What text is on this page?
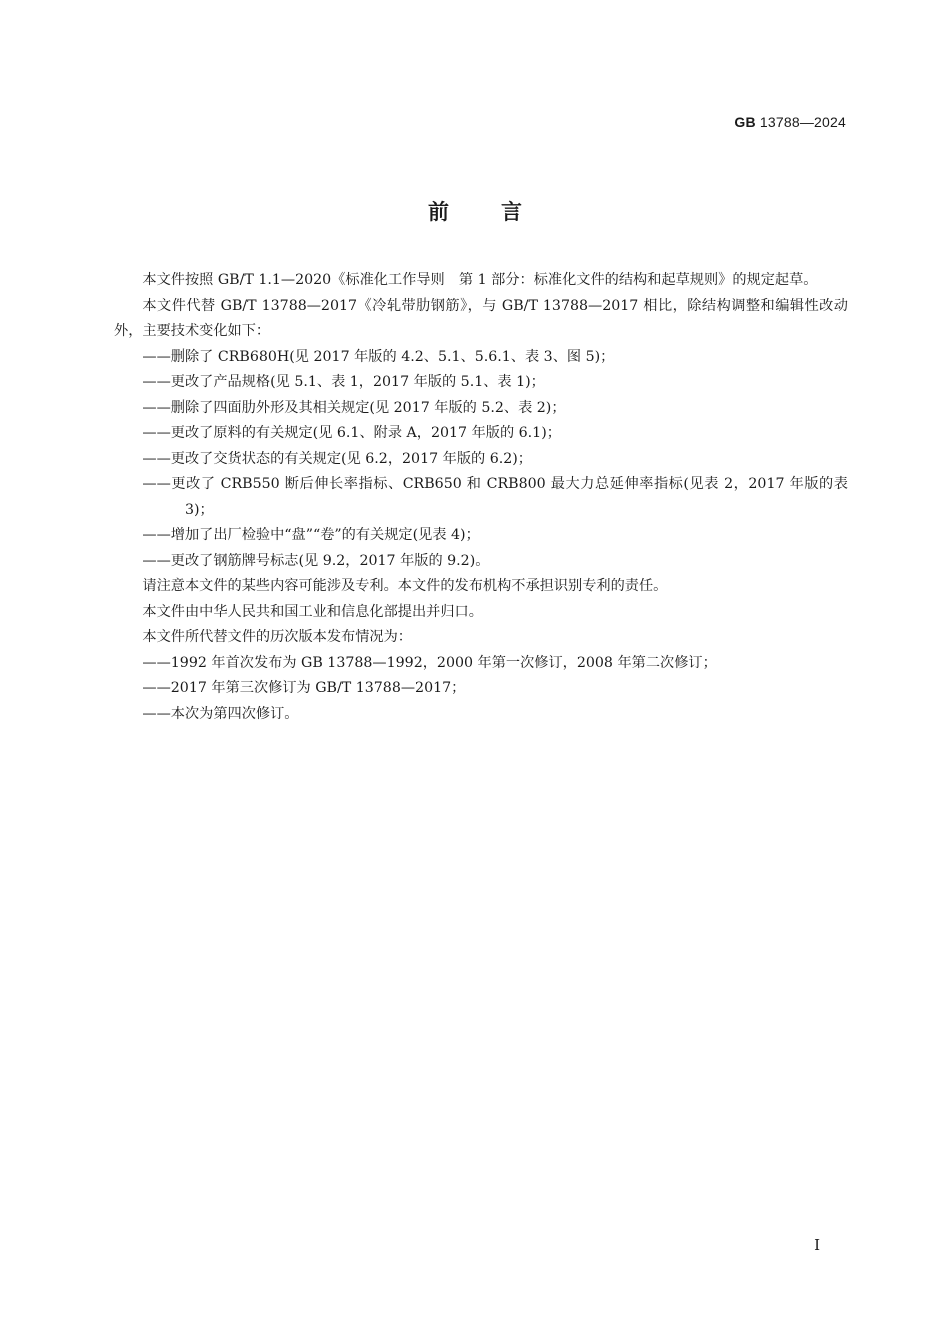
GB 13788—2024
前言

本文件按照 GB/T 1.1—2020《标准化工作导则　第 1 部分：标准化文件的结构和起草规则》的规定起草。

本文件代替 GB/T 13788—2017《冷轧带肋钢筋》，与 GB/T 13788—2017 相比，除结构调整和编辑性改动外，主要技术变化如下：

——删除了 CRB680H(见 2017 年版的 4.2、5.1、5.6.1、表 3、图 5)；

——更改了产品规格(见 5.1、表 1，2017 年版的 5.1、表 1)；

——删除了四面肋外形及其相关规定(见 2017 年版的 5.2、表 2)；

——更改了原料的有关规定(见 6.1、附录 A，2017 年版的 6.1)；

——更改了交货状态的有关规定(见 6.2，2017 年版的 6.2)；

——更改了 CRB550 断后伸长率指标、CRB650 和 CRB800 最大力总延伸率指标(见表 2，2017 年版的表 3)；

——增加了出厂检验中“盘”“卷”的有关规定(见表 4)；

——更改了钢筋牌号标志(见 9.2，2017 年版的 9.2)。

请注意本文件的某些内容可能涉及专利。本文件的发布机构不承担识别专利的责任。

本文件由中华人民共和国工业和信息化部提出并归口。

本文件所代替文件的历次版本发布情况为：

——1992 年首次发布为 GB 13788—1992，2000 年第一次修订，2008 年第二次修订；

——2017 年第三次修订为 GB/T 13788—2017；

——本次为第四次修订。

I
